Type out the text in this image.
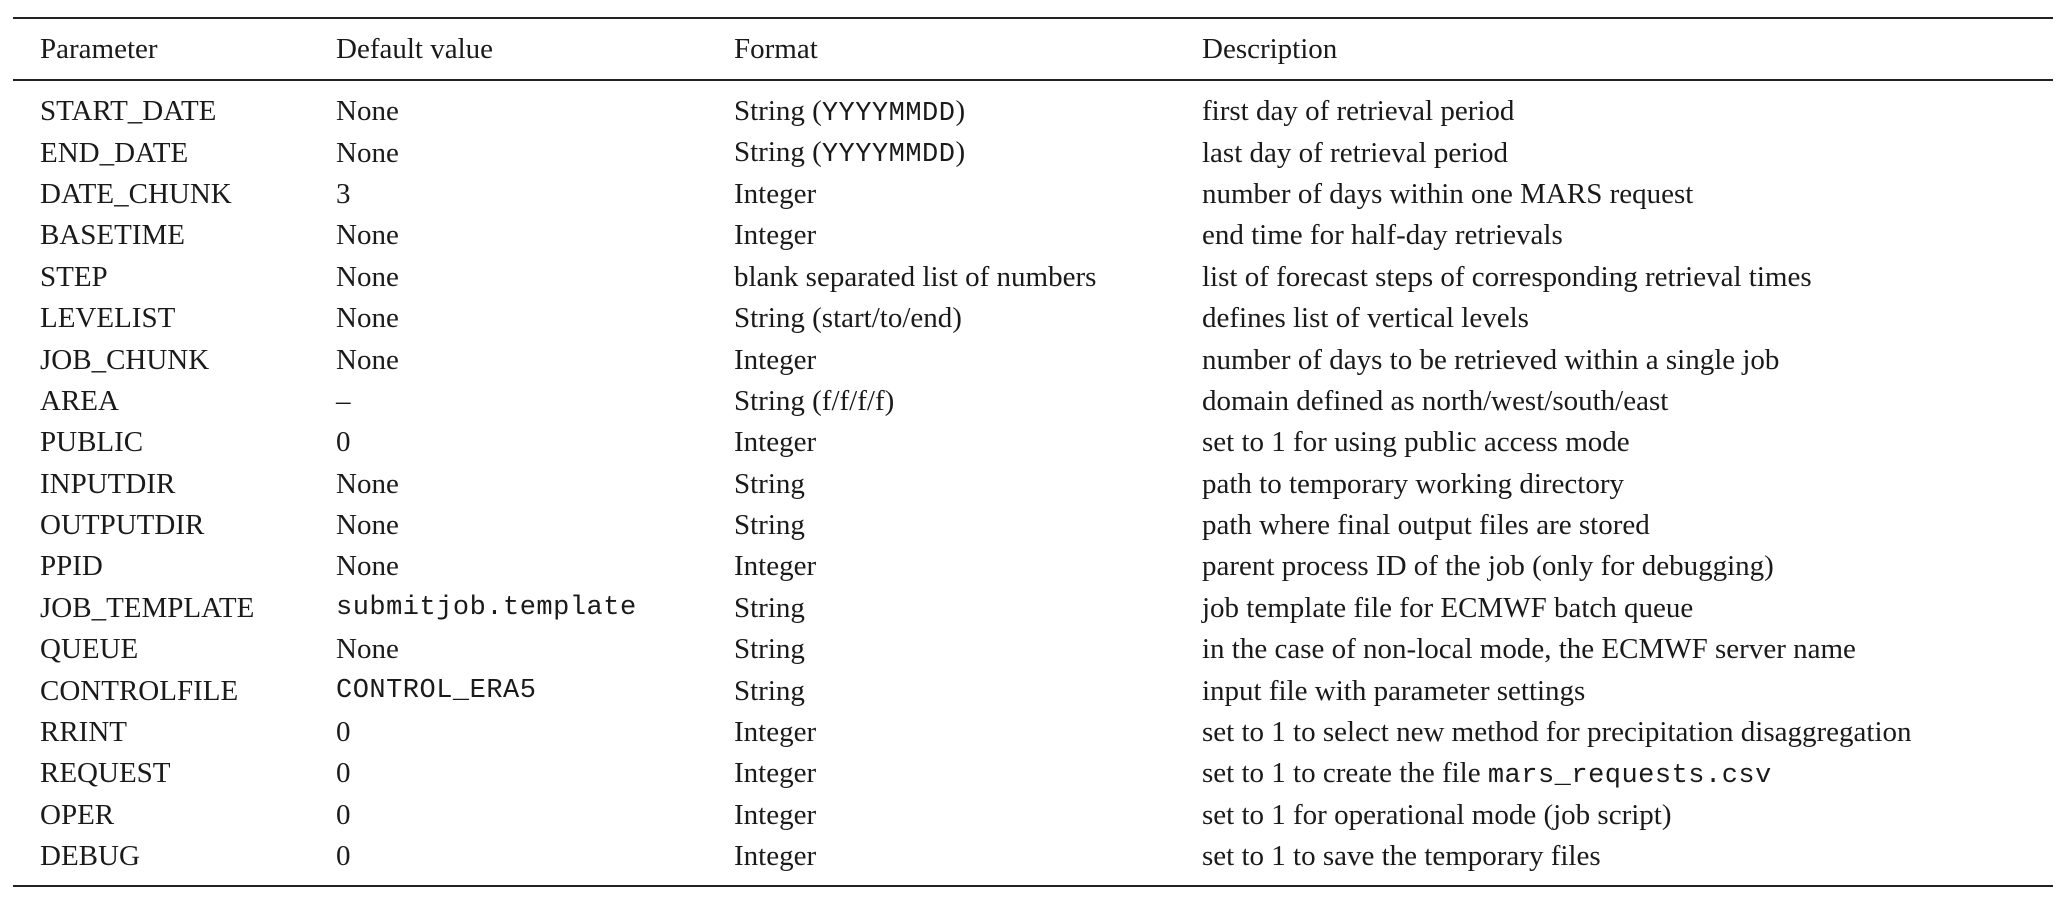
Parameter	Default value	Format	Description
START_DATE	None	String (YYYYMMDD)	first day of retrieval period
END_DATE	None	String (YYYYMMDD)	last day of retrieval period
DATE_CHUNK	3	Integer	number of days within one MARS request
BASETIME	None	Integer	end time for half-day retrievals
STEP	None	blank separated list of numbers	list of forecast steps of corresponding retrieval times
LEVELIST	None	String (start/to/end)	defines list of vertical levels
JOB_CHUNK	None	Integer	number of days to be retrieved within a single job
AREA	–	String (f/f/f/f)	domain defined as north/west/south/east
PUBLIC	0	Integer	set to 1 for using public access mode
INPUTDIR	None	String	path to temporary working directory
OUTPUTDIR	None	String	path where final output files are stored
PPID	None	Integer	parent process ID of the job (only for debugging)
JOB_TEMPLATE	submitjob.template	String	job template file for ECMWF batch queue
QUEUE	None	String	in the case of non-local mode, the ECMWF server name
CONTROLFILE	CONTROL_ERA5	String	input file with parameter settings
RRINT	0	Integer	set to 1 to select new method for precipitation disaggregation
REQUEST	0	Integer	set to 1 to create the file mars_requests.csv
OPER	0	Integer	set to 1 for operational mode (job script)
DEBUG	0	Integer	set to 1 to save the temporary files
